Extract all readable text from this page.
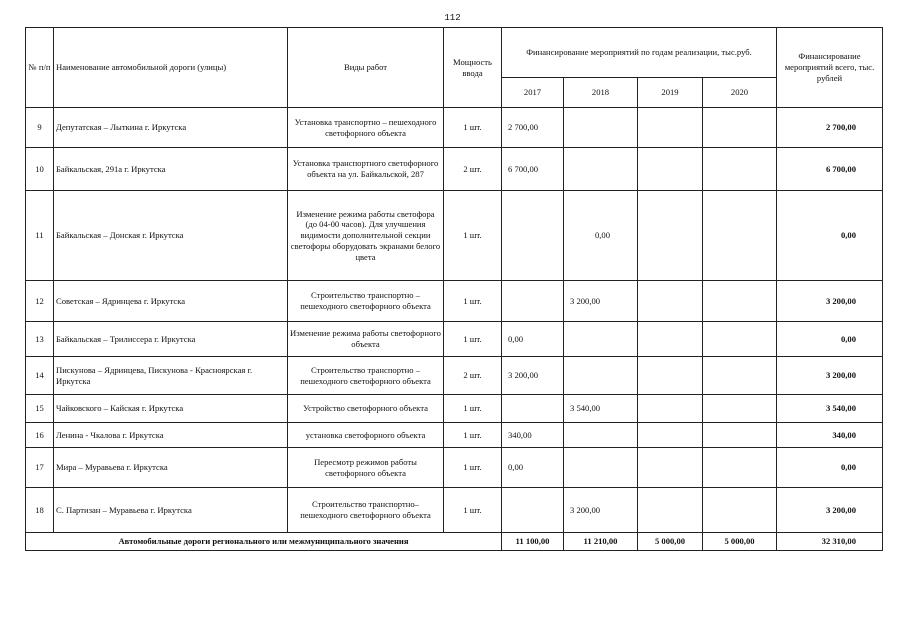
112
№ п/п	Наименование автомобильной дороги (улицы)	Виды работ	Мощность ввода	Финансирование мероприятий по годам реализации, тыс.руб.				Финансирование мероприятий всего, тыс. рублей
				2017	2018	2019	2020	
9	Депутатская – Лыткина г. Иркутска	Установка транспортно – пешеходного светофорного объекта	1 шт.	2 700,00				2 700,00
10	Байкальская, 291а г. Иркутска	Установка транспортного светофорного объекта на ул. Байкальской, 287	2 шт.	6 700,00				6 700,00
11	Байкальская – Донская г. Иркутска	Изменение режима работы светофора (до 04-00 часов). Для улучшения видимости дополнительной секции светофоры оборудовать экранами белого цвета	1 шт.		0,00			0,00
12	Советская – Ядринцева г. Иркутска	Строительство транспортно – пешеходного светофорного объекта	1 шт.		3 200,00			3 200,00
13	Байкальская – Трилиссера г. Иркутска	Изменение режима работы светофорного объекта	1 шт.	0,00				0,00
14	Пискунова – Ядринцева, Пискунова - Красноярская г. Иркутска	Строительство транспортно – пешеходного светофорного объекта	2 шт.	3 200,00				3 200,00
15	Чайковского – Кайская г. Иркутска	Устройство светофорного объекта	1 шт.		3 540,00			3 540,00
16	Ленина - Чкалова г. Иркутска	установка светофорного объекта	1 шт.	340,00				340,00
17	Мира – Муравьева г. Иркутска	Пересмотр режимов работы светофорного объекта	1 шт.	0,00				0,00
18	С. Партизан – Муравьева г. Иркутска	Строительство транспортно–пешеходного светофорного объекта	1 шт.		3 200,00			3 200,00
Автомобильные дороги регионального или межмуниципального значения				11 100,00	11 210,00	5 000,00	5 000,00	32 310,00
